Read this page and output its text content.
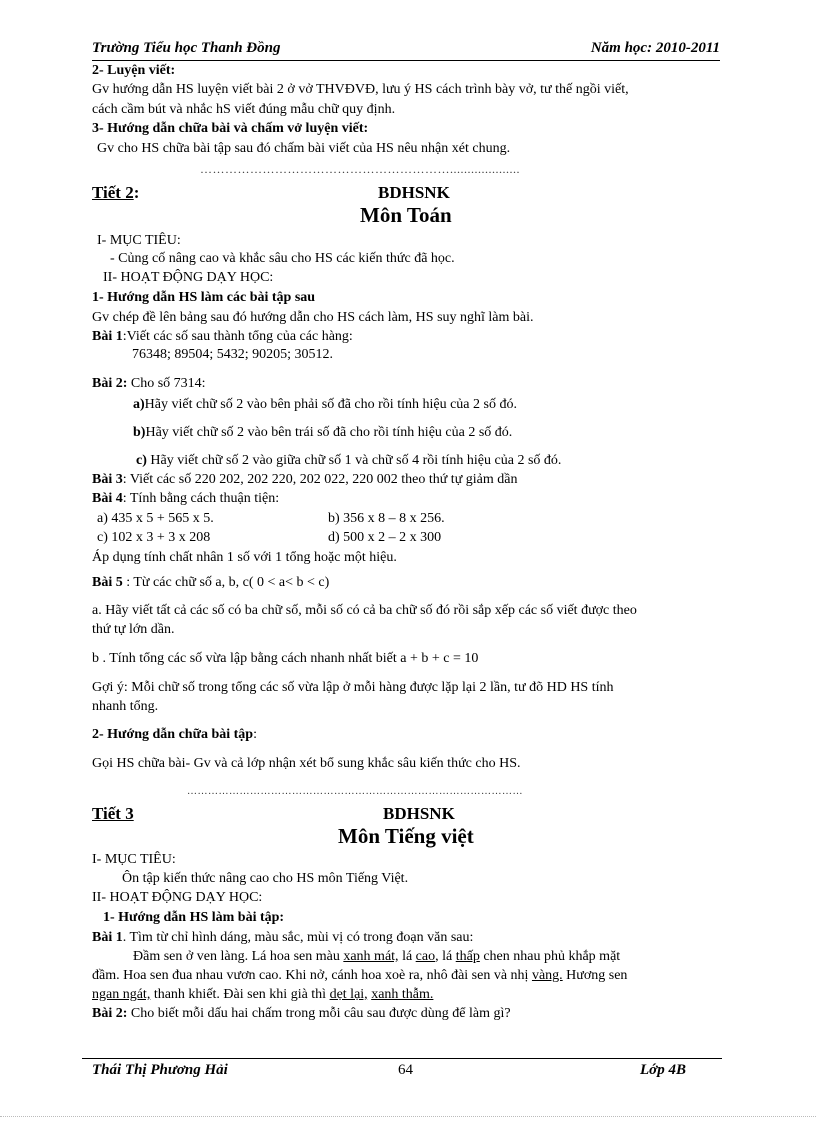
Trường Tiểu học Thanh Đồng	Năm học: 2010-2011
2- Luyện viết:
Gv hướng dẫn HS luyện viết bài 2 ở vở THVĐVĐ, lưu ý HS cách trình bày vở, tư thế ngồi viết,
cách cầm bút và nhắc hS viết đúng mẫu chữ quy định.
3- Hướng dẫn chữa bài và chấm vở luyện viết:
Gv cho HS chữa bài tập sau đó chấm bài viết của HS nêu nhận xét chung.
……………………………………………………....................
Tiết 2:	BDHSNK
Môn Toán
I- MỤC TIÊU:
- Củng cố nâng cao và khắc sâu cho HS các kiến thức đã học.
II- HOẠT ĐỘNG DẠY HỌC:
1- Hướng dẫn HS làm các bài tập sau
Gv chép đề lên bảng sau đó hướng dẫn cho HS cách làm, HS suy nghĩ làm bài.
Bài 1:Viết các số sau thành tổng của các hàng:
76348; 89504; 5432; 90205; 30512.
Bài 2: Cho số 7314:
a)Hãy viết chữ số 2 vào bên phải số đã cho rồi tính hiệu của 2 số đó.
b)Hãy viết chữ số 2 vào bên trái số đã cho rồi tính hiệu của 2 số đó.
c) Hãy viết chữ số 2 vào giữa chữ số 1 và chữ số 4 rồi tính hiệu của 2 số đó.
Bài 3: Viết các số 220 202, 202 220, 202 022, 220 002 theo thứ tự giảm dần
Bài 4: Tính bằng cách thuận tiện:
a) 435 x 5 + 565 x 5.	b) 356 x 8 – 8 x 256.
c) 102 x 3 + 3 x 208	d) 500 x 2 – 2 x 300
Áp dụng tính chất nhân 1 số với 1 tổng hoặc một hiệu.
Bài 5 : Từ các chữ số a, b, c( 0 < a< b < c)
a. Hãy viết tất cả các số có ba chữ số, mỗi số có cả ba chữ số đó rồi sắp xếp các số viết được theo
thứ tự lớn dần.
b . Tính tổng các số vừa lập bằng cách nhanh nhất biết a + b + c = 10
Gợi ý: Mỗi chữ số trong tổng các số vừa lập ở mỗi hàng được lặp lại 2 lần, tư đõ HD HS tính
nhanh tổng.
2- Hướng dẫn chữa bài tập:
Gọi HS chữa bài- Gv và cả lớp nhận xét bổ sung khắc sâu kiến thức cho HS.
……………………………………………………………………………………
Tiết 3	BDHSNK
Môn Tiếng việt
I- MỤC TIÊU:
Ôn tập kiến thức nâng cao cho HS môn Tiếng Việt.
II- HOẠT ĐỘNG DẠY HỌC:
1- Hướng dẫn HS làm bài tập:
Bài 1. Tìm từ chỉ hình dáng, màu sắc, mùi vị có trong đoạn văn sau:
Đầm sen ở ven làng. Lá hoa sen màu xanh mát, lá cao, lá thấp chen nhau phủ khắp mặt
đầm. Hoa sen đua nhau vươn cao. Khi nở, cánh hoa xoè ra, nhô đài sen và nhị vàng. Hương sen
ngan ngát, thanh khiết. Đài sen khi già thì dẹt lại, xanh thẫm.
Bài 2: Cho biết mỗi dấu hai chấm trong mỗi câu sau được dùng để làm gì?
Thái Thị Phương Hải	64	Lớp 4B
